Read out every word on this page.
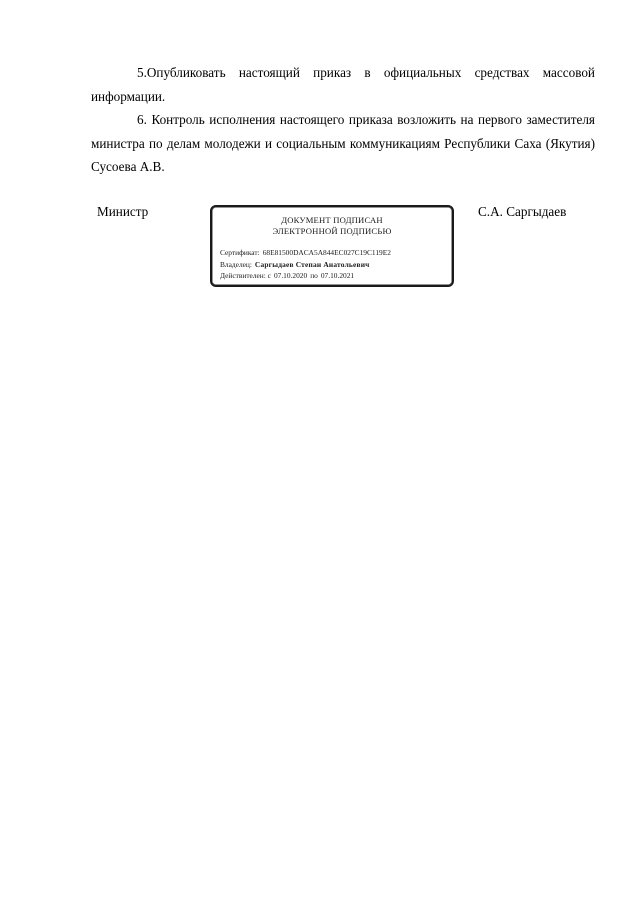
5.Опубликовать настоящий приказ в официальных средствах массовой информации.

6. Контроль исполнения настоящего приказа возложить на первого заместителя министра по делам молодежи и социальным коммуникациям Республики Саха (Якутия) Сусоева А.В.

Министр
ДОКУМЕНТ ПОДПИСАН
ЭЛЕКТРОННОЙ ПОДПИСЬЮ
Сертификат: 68E81500DACA5A844EC027C19C119E2
Владелец: Саргыдаев Степан Анатольевич
Действителен: с 07.10.2020 по 07.10.2021
С.А. Саргыдаев
